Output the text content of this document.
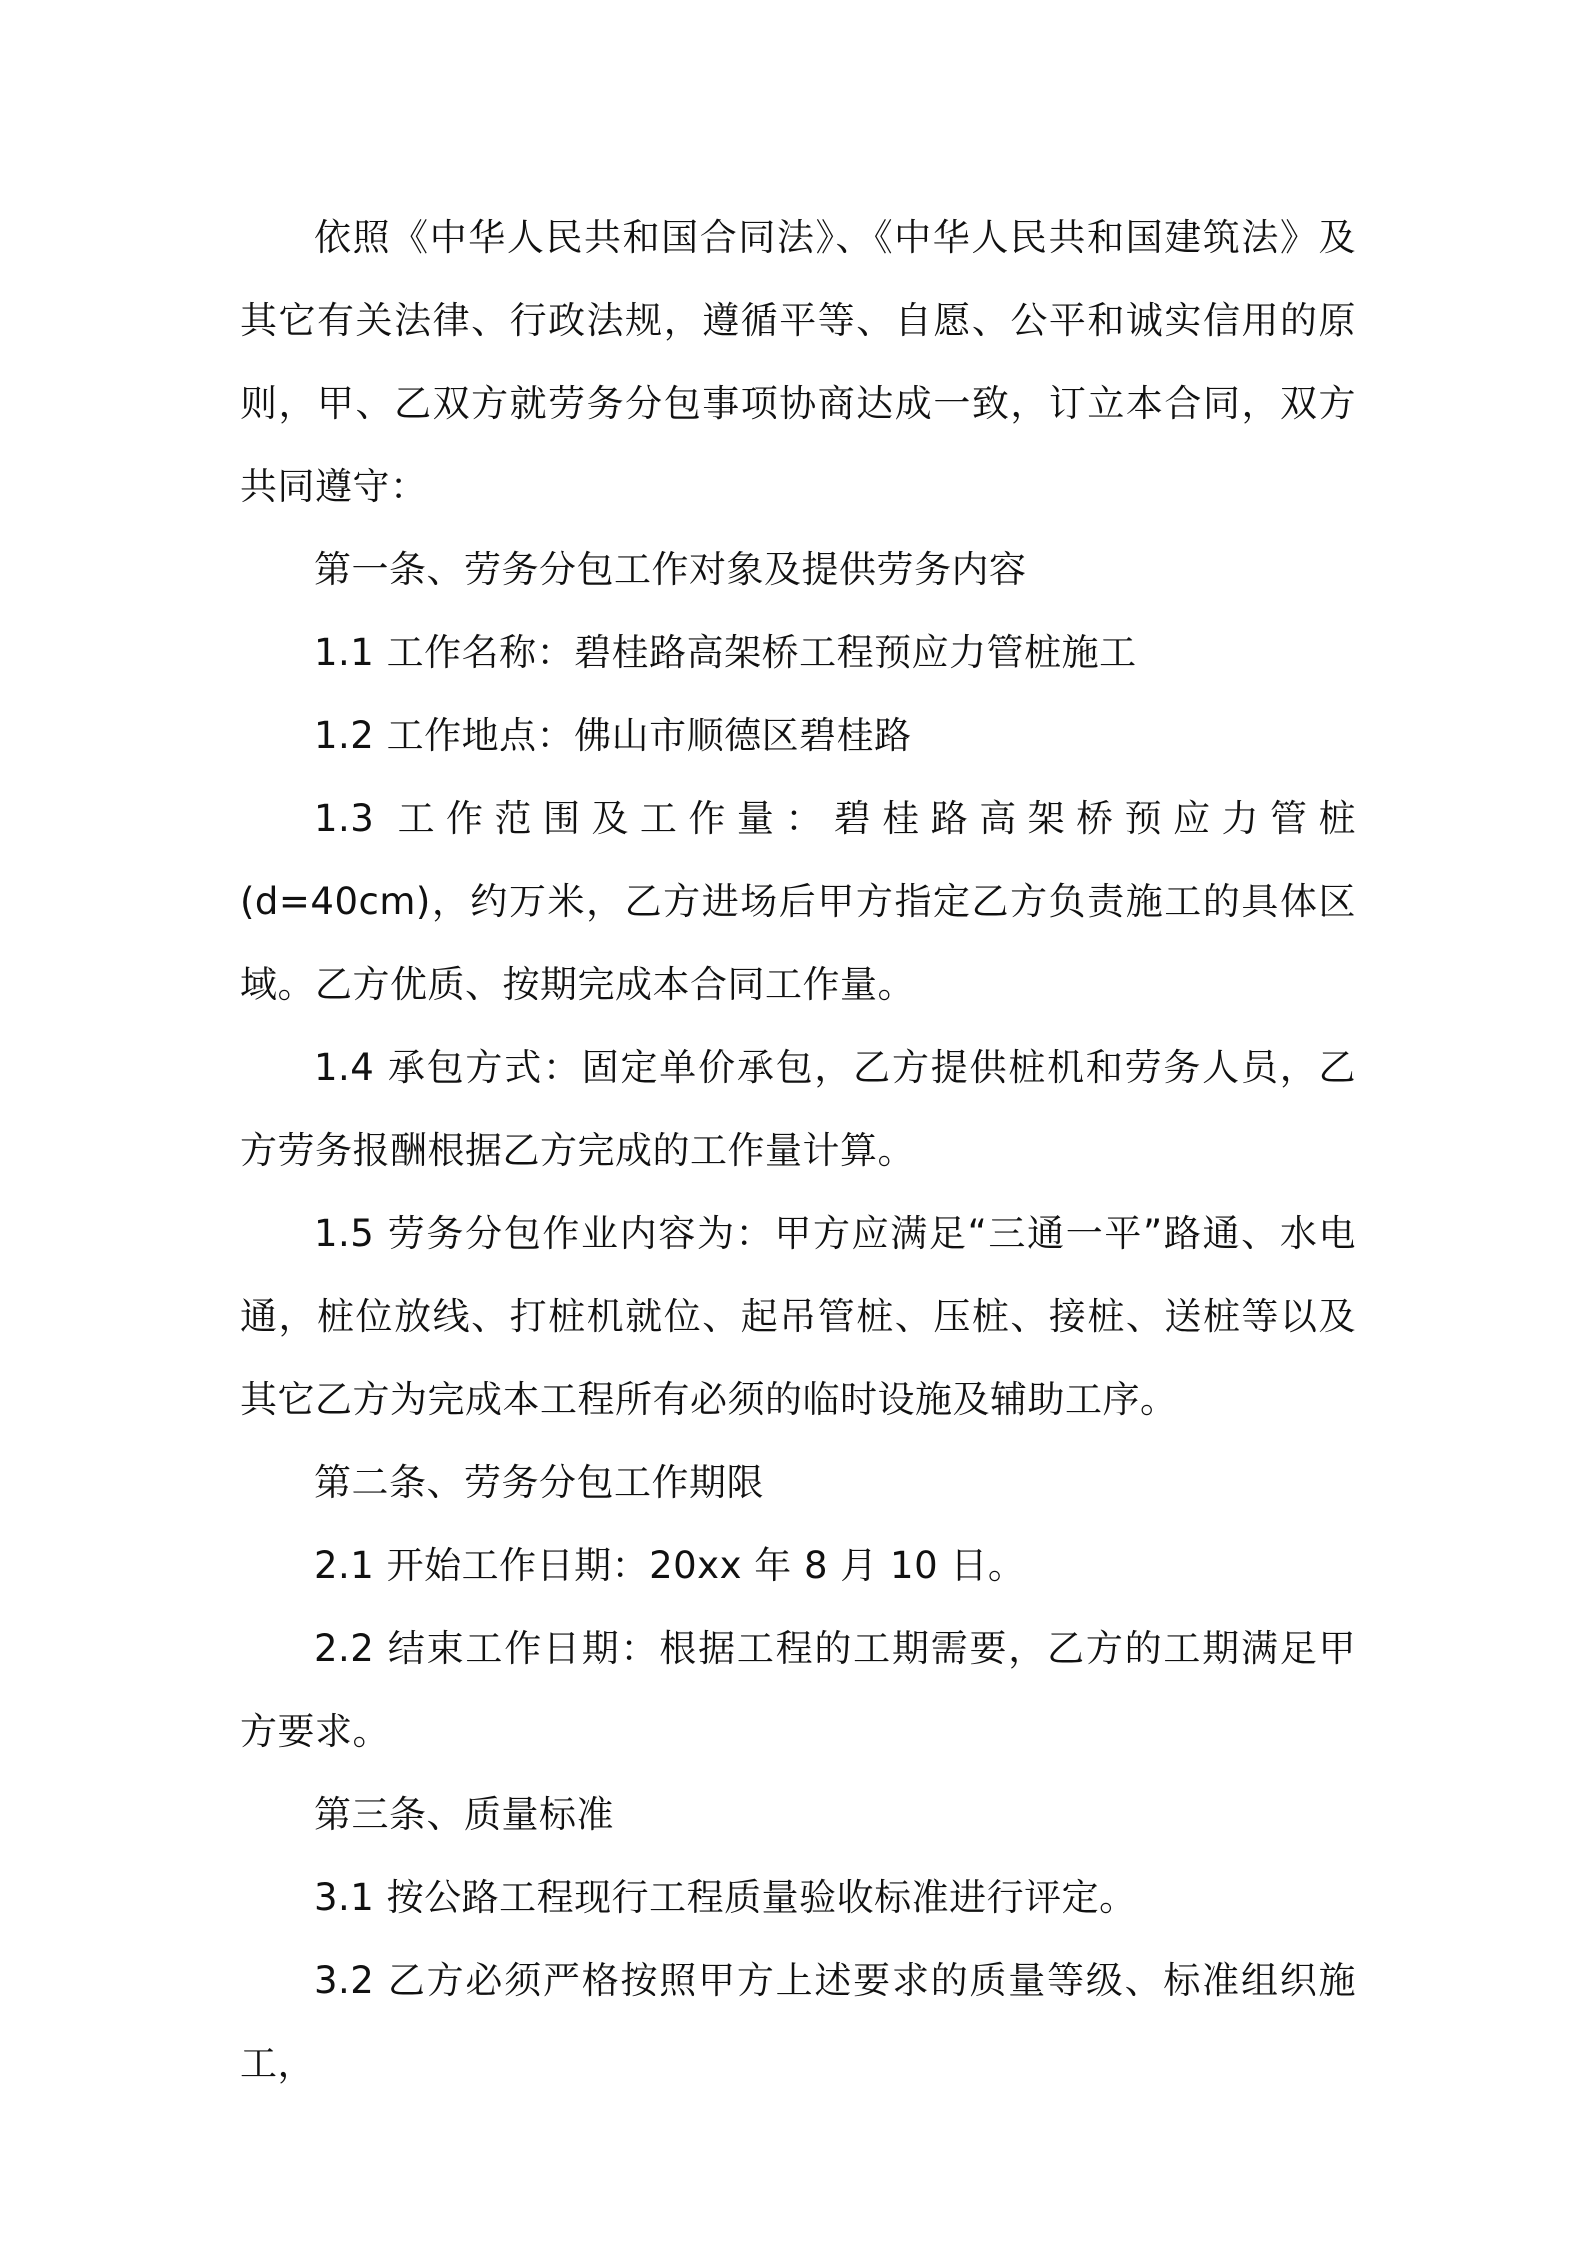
依照《中华人民共和国合同法》、《中华人民共和国建筑法》及其它有关法律、行政法规，遵循平等、自愿、公平和诚实信用的原则，甲、乙双方就劳务分包事项协商达成一致，订立本合同，双方共同遵守：

第一条、劳务分包工作对象及提供劳务内容

1.1 工作名称：碧桂路高架桥工程预应力管桩施工

1.2 工作地点：佛山市顺德区碧桂路

1.3 工作范围及工作量：碧桂路高架桥预应力管桩(d=40cm)，约万米，乙方进场后甲方指定乙方负责施工的具体区域。乙方优质、按期完成本合同工作量。

1.4 承包方式：固定单价承包，乙方提供桩机和劳务人员，乙方劳务报酬根据乙方完成的工作量计算。

1.5 劳务分包作业内容为：甲方应满足“三通一平”路通、水电通，桩位放线、打桩机就位、起吊管桩、压桩、接桩、送桩等以及其它乙方为完成本工程所有必须的临时设施及辅助工序。

第二条、劳务分包工作期限

2.1 开始工作日期：20xx 年 8 月 10 日。

2.2 结束工作日期：根据工程的工期需要，乙方的工期满足甲方要求。

第三条、质量标准

3.1 按公路工程现行工程质量验收标准进行评定。

3.2 乙方必须严格按照甲方上述要求的质量等级、标准组织施工，
